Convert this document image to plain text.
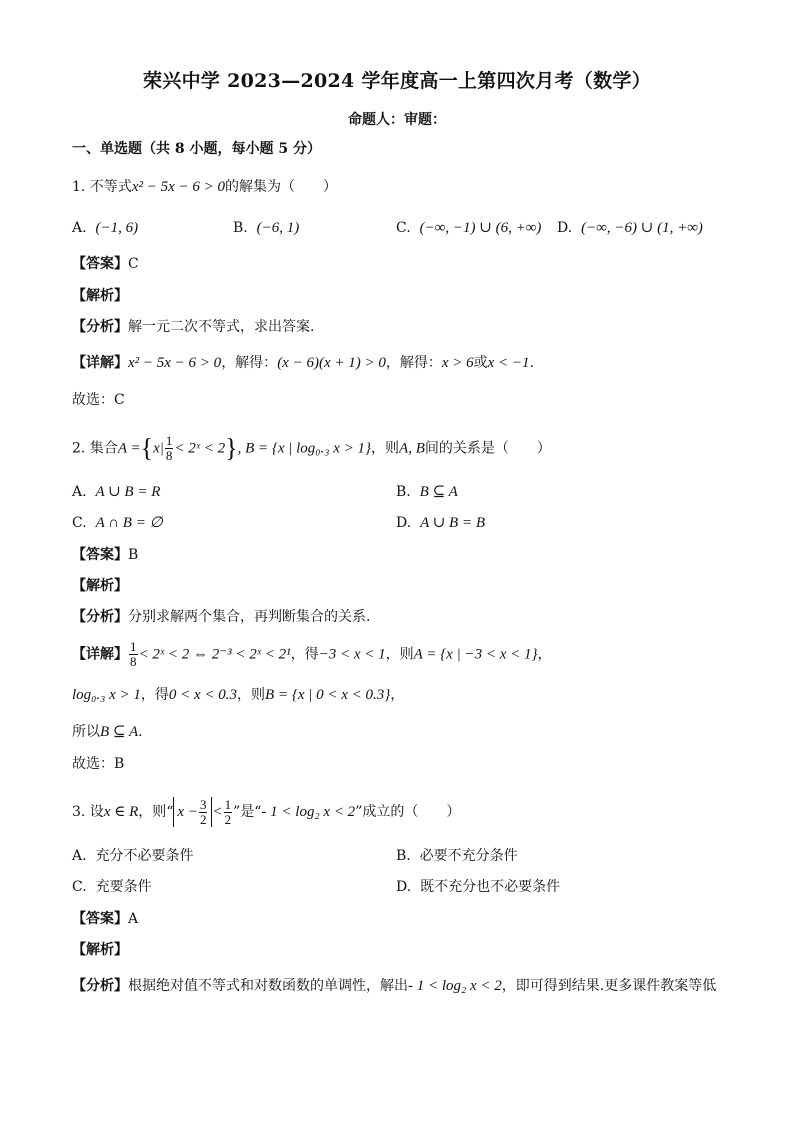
荣兴中学 2023—2024 学年度高一上第四次月考（数学）
命题人：审题：
一、单选题（共 8 小题，每小题 5 分）
1. 不等式x² − 5x − 6 > 0的解集为（　　）
A. (−1, 6)	B. (−6, 1)	C. (−∞, −1) ∪ (6, +∞) D. (−∞, −6) ∪ (1, +∞)
【答案】C
【解析】
【分析】解一元二次不等式，求出答案.
【详解】x² − 5x − 6 > 0，解得：(x − 6)(x + 1) > 0，解得：x > 6或x < −1.
故选：C
2. 集合$A =\{x| \frac{1}{8}$ < 2ˣ < 2}, B = {x | log₀.₃ x > 1}，则A, B间的关系是（　　）
A. A ∪ B = R	B. B ⊆ A
C. A ∩ B = ∅	D. A ∪ B = B
【答案】B
【解析】
【分析】分别求解两个集合，再判断集合的关系.
【详解】 $\frac{1}{8}$ < 2ˣ < 2 ⇔ 2⁻³ < 2ˣ < 2¹，得−3 < x < 1，则A = {x | −3 < x < 1}，
log₀.₃ x > 1，得0 < x < 0.3，则B = {x | 0 < x < 0.3}，
所以B ⊆ A.
故选：B
3. 设x ∈ R，则“ $x - \frac{3}{2} < \frac{1}{2}$ ”是“- 1 < log₂ x < 2”成立的（　　）
A. 充分不必要条件	B. 必要不充分条件
C. 充要条件	D. 既不充分也不必要条件
【答案】A
【解析】
【分析】根据绝对值不等式和对数函数的单调性，解出- 1 < log₂ x < 2，即可得到结果.更多课件教案等低
